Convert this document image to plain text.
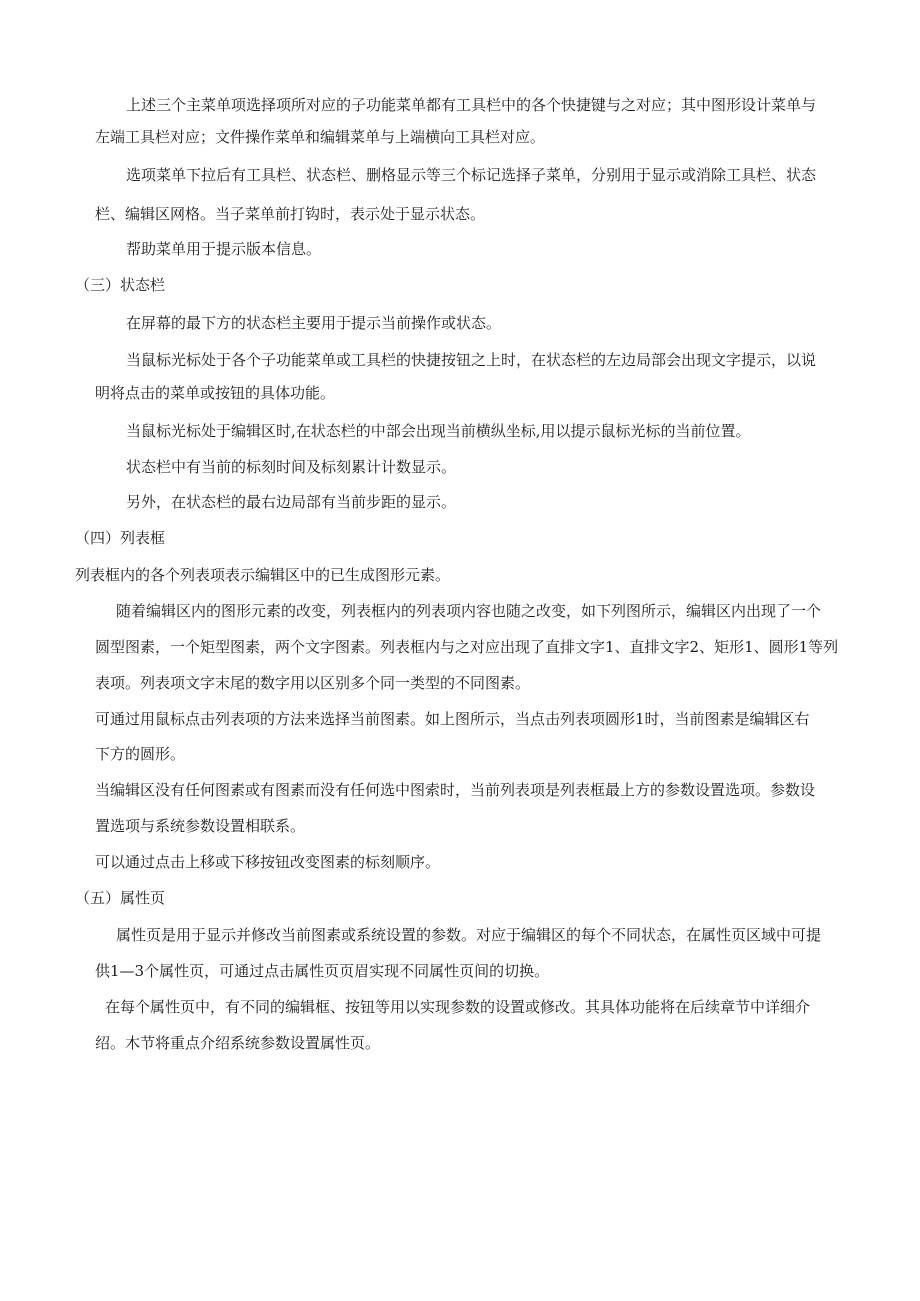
上述三个主菜单项选择项所对应的子功能菜单都有工具栏中的各个快捷键与之对应；其中图形设计菜单与
左端工具栏对应；文件操作菜单和编辑菜单与上端横向工具栏对应。
选项菜单下拉后有工具栏、状态栏、删格显示等三个标记选择子菜单，分别用于显示或消除工具栏、状态
栏、编辑区网格。当子菜单前打钩时，表示处于显示状态。
帮助菜单用于提示版本信息。
（三）状态栏
在屏幕的最下方的状态栏主要用于提示当前操作或状态。
当鼠标光标处于各个子功能菜单或工具栏的快捷按钮之上时，在状态栏的左边局部会出现文字提示，以说
明将点击的菜单或按钮的具体功能。
当鼠标光标处于编辑区时,在状态栏的中部会出现当前横纵坐标,用以提示鼠标光标的当前位置。
状态栏中有当前的标刻时间及标刻累计计数显示。
另外，在状态栏的最右边局部有当前步距的显示。
（四）列表框
列表框内的各个列表项表示编辑区中的已生成图形元素。
随着编辑区内的图形元素的改变，列表框内的列表项内容也随之改变，如下列图所示，编辑区内出现了一个
圆型图素，一个矩型图素，两个文字图素。列表框内与之对应出现了直排文字1、直排文字2、矩形1、圆形1等列
表项。列表项文字末尾的数字用以区别多个同一类型的不同图素。
可通过用鼠标点击列表项的方法来选择当前图素。如上图所示，当点击列表项圆形1时，当前图素是编辑区右
下方的圆形。
当编辑区没有任何图素或有图素而没有任何选中图索时，当前列表项是列表框最上方的参数设置选项。参数设
置选项与系统参数设置相联系。
可以通过点击上移或下移按钮改变图素的标刻顺序。
（五）属性页
属性页是用于显示并修改当前图素或系统设置的参数。对应于编辑区的每个不同状态，在属性页区域中可提
供1—3个属性页，可通过点击属性页页眉实现不同属性页间的切换。
在每个属性页中，有不同的编辑框、按钮等用以实现参数的设置或修改。其具体功能将在后续章节中详细介
绍。木节将重点介绍系统参数设置属性页。
